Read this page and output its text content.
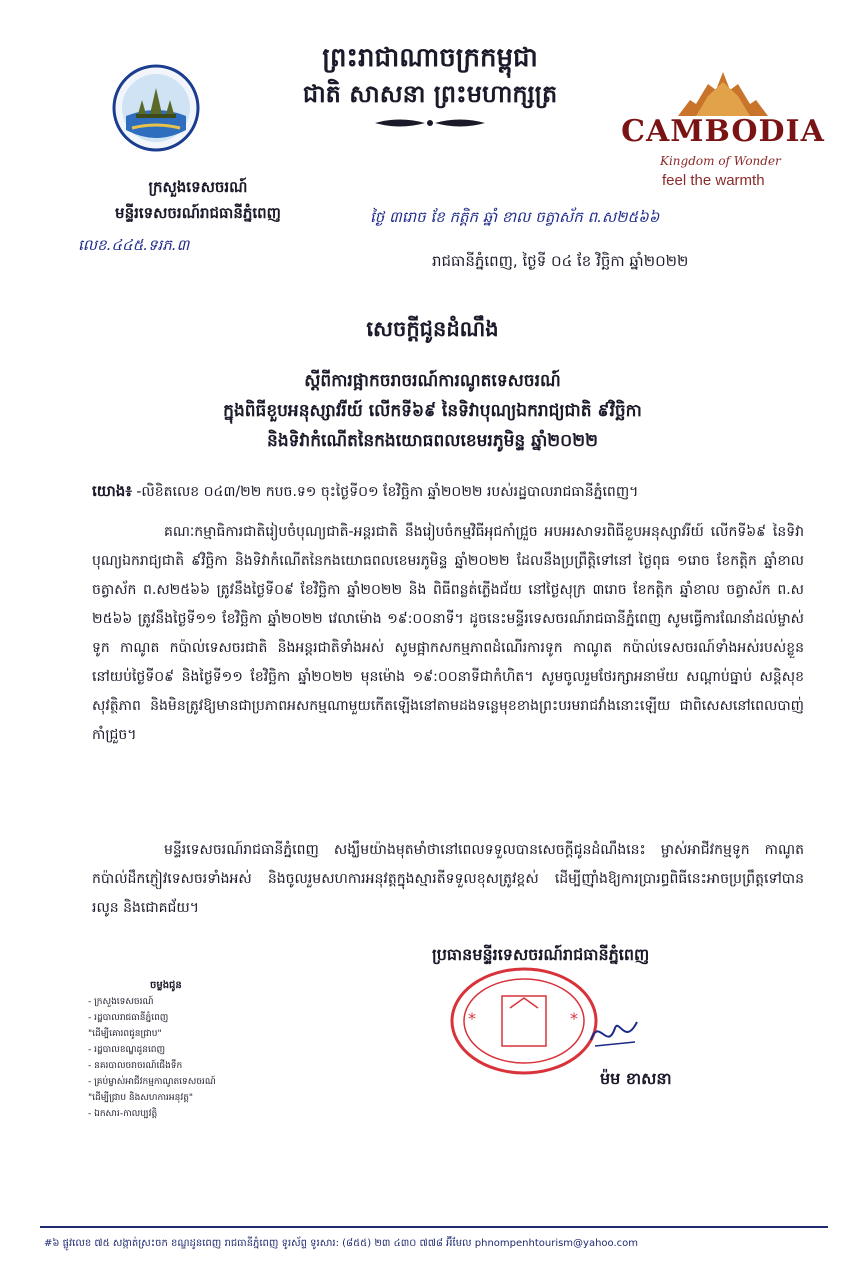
ព្រះរាជាណាចក្រកម្ពុជា
ជាតិ សាសនា ព្រះមហាក្សត្រ
ក្រសួងទេសចរណ៍
មន្ទីរទេសចរណ៍រាជធានីភ្នំពេញ
លេខ.៤៤៥.ទរភ.៣
CAMBODIA
Kingdom of Wonder
feel the warmth
ថ្ងៃ ៣រោច ខែ កត្តិក ឆ្នាំ ខាល ចត្វាស័ក ព.ស២៥៦៦
រាជធានីភ្នំពេញ, ថ្ងៃទី ០៤ ខែ វិច្ឆិកា ឆ្នាំ២០២២
សេចក្តីជូនដំណឹង
ស្តីពីការផ្អាកចរាចរណ៍ការណូតទេសចរណ៍
ក្នុងពិធីខួបអនុស្សាវរីយ៍ លើកទី៦៩ នៃទិវាបុណ្យឯករាជ្យជាតិ ៩វិច្ឆិកា
និងទិវាកំណើតនៃកងយោធពលខេមរភូមិន្ទ ឆ្នាំ២០២២
យោង៖ -លិខិតលេខ ០៤៣/២២ កបច.ទ១ ចុះថ្ងៃទី០១ ខែវិច្ឆិកា ឆ្នាំ២០២២ របស់រដ្ឋបាលរាជធានីភ្នំពេញ។
គណៈកម្មាធិការជាតិរៀបចំបុណ្យជាតិ-អន្តរជាតិ នឹងរៀបចំកម្មវិធីអុជកាំជ្រួច អបអរសាទរពិធីខួបអនុស្សាវរីយ៍ លើកទី៦៩ នៃទិវាបុណ្យឯករាជ្យជាតិ ៩វិច្ឆិកា និងទិវាកំណើតនៃកងយោធពលខេមរភូមិន្ទ ឆ្នាំ២០២២ ដែលនឹងប្រព្រឹត្តិទៅនៅ ថ្ងៃពុធ ១រោច ខែកត្តិក ឆ្នាំខាល ចត្វាស័ក ព.ស២៥៦៦ ត្រូវនឹងថ្ងៃទី០៩ ខែវិច្ឆិកា ឆ្នាំ២០២២ និង ពិធីពន្លត់ភ្លើងជ័យ នៅថ្ងៃសុក្រ ៣រោច ខែកត្តិក ឆ្នាំខាល ចត្វាស័ក ព.ស ២៥៦៦ ត្រូវនឹងថ្ងៃទី១១ ខែវិច្ឆិកា ឆ្នាំ២០២២ វេលាម៉ោង ១៩:០០នាទី។ ដូចនេះមន្ទីរទេសចរណ៍រាជធានីភ្នំពេញ សូមធ្វើការណែនាំដល់ម្ចាស់ទូក កាណូត កប៉ាល់ទេសចរជាតិ និងអន្តរជាតិទាំងអស់ សូមផ្អាកសកម្មភាពដំណើរការទូក កាណូត កប៉ាល់ទេសចរណ៍ទាំងអស់របស់ខ្លួន នៅយប់ថ្ងៃទី០៩ និងថ្ងៃទី១១ ខែវិច្ឆិកា ឆ្នាំ២០២២ មុនម៉ោង ១៩:០០នាទីជាកំហិត។ សូមចូលរួមថែរក្សាអនាម័យ សណ្តាប់ធ្នាប់ សន្តិសុខសុវត្ថិភាព និងមិនត្រូវឱ្យមានជាប្រភាពអសកម្មណាមួយកើតឡើងនៅតាមដងទន្លេមុខខាងព្រះបរមរាជវាំងនោះឡើយ ជាពិសេសនៅពេលបាញ់កាំជ្រួច។
មន្ទីរទេសចរណ៍រាជធានីភ្នំពេញ សង្ឃឹមយ៉ាងមុតមាំថានៅពេលទទួលបានសេចក្តីជូនដំណឹងនេះ ម្ចាស់អាជីវកម្មទូក កាណូត កប៉ាល់ដឹកភ្ញៀវទេសចរទាំងអស់ និងចូលរួមសហការអនុវត្តក្នុងស្មារតីទទួលខុសត្រូវខ្ពស់ ដើម្បីញ៉ាំងឱ្យការប្រារព្ធពិធីនេះអាចប្រព្រឹត្តទៅបានរលូន និងជោគជ័យ។
ប្រធានមន្ទីរទេសចរណ៍រាជធានីភ្នំពេញ
*	*
ម៉ម ខាសនា
ចម្លងជូន
- ក្រសួងទេសចរណ៍
- រដ្ឋបាលរាជធានីភ្នំពេញ
"ដើម្បីគោរពជូនជ្រាប"
- រដ្ឋបាលខណ្ឌដូនពេញ
- នគរបាលចរាចរណ៍ជើងទឹក
- គ្រប់ម្ចាស់អាជីវកម្មកាណូតទេសចរណ៍
"ដើម្បីជ្រាប និងសហការអនុវត្ត"
- ឯកសារ-កាលប្បវត្តិ
#៦ ផ្លូវលេខ ៧៥ សង្កាត់ស្រះចក ខណ្ឌដូនពេញ រាជធានីភ្នំពេញ ទូរស័ព្ទ ទូរសារ: (៨៥៥) ២៣ ៤៣០ ៧៧៨ អ៊ីមែល phnompenhtourism@yahoo.com
